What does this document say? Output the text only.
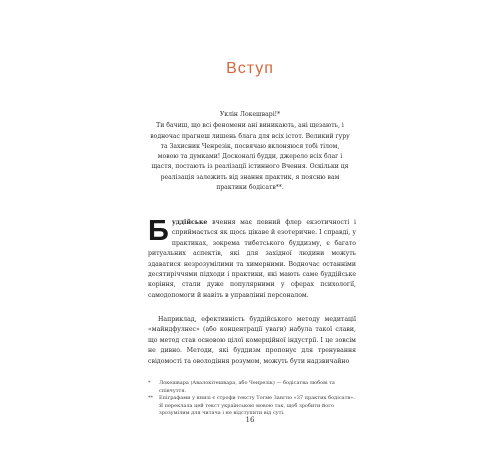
Вступ

Уклін Локешварі!*

Ти бачиш, що всі феномени ані виникають, ані щезають, і водночас прагнеш лишень блага для всіх істот. Великий гуру та Захисник Ченрезік, посвячаю вклоняюся тобі тілом, мовою та думками! Досконалі будди, джерело всіх благ і щастя, постають із реалізації істинного Вчення. Оскільки ця реалізація залежить від знання практик, я поясню вам практики бодісатв**.

Буддійське вчення має певний флер екзотичності і сприймається як щось цікаве й езотеричне. І справді, у практиках, зокрема тибетського буддизму, є багато ритуальних аспектів, які для західної людини можуть здаватися незрозумілими та химерними. Водночас останніми десятиріччями підходи і практики, які мають саме буддійське коріння, стали дуже популярними у сферах психології, самодопомоги й навіть в управлінні персоналом.

Наприклад, ефективність буддійського методу медитації «майндфулнес» (або концентрації уваги) набула такої слави, що метод став основою цілої комерційної індустрії. І це зовсім не дивно. Методи, які буддизм пропонує для тренування свідомості та оволодіння розумом, можуть бути надзвичайно

* Локешвара (Авалокітешвара, або Ченрезік) — бодісатва любові та співчуття.
** Епіграфами у книзі є строфи тексту Тогме Зангпо «37 практик бодісатв». Я переклала цей текст українською мовою так, щоб зробити його зрозумілим для читача і не відступити від суті.
16
